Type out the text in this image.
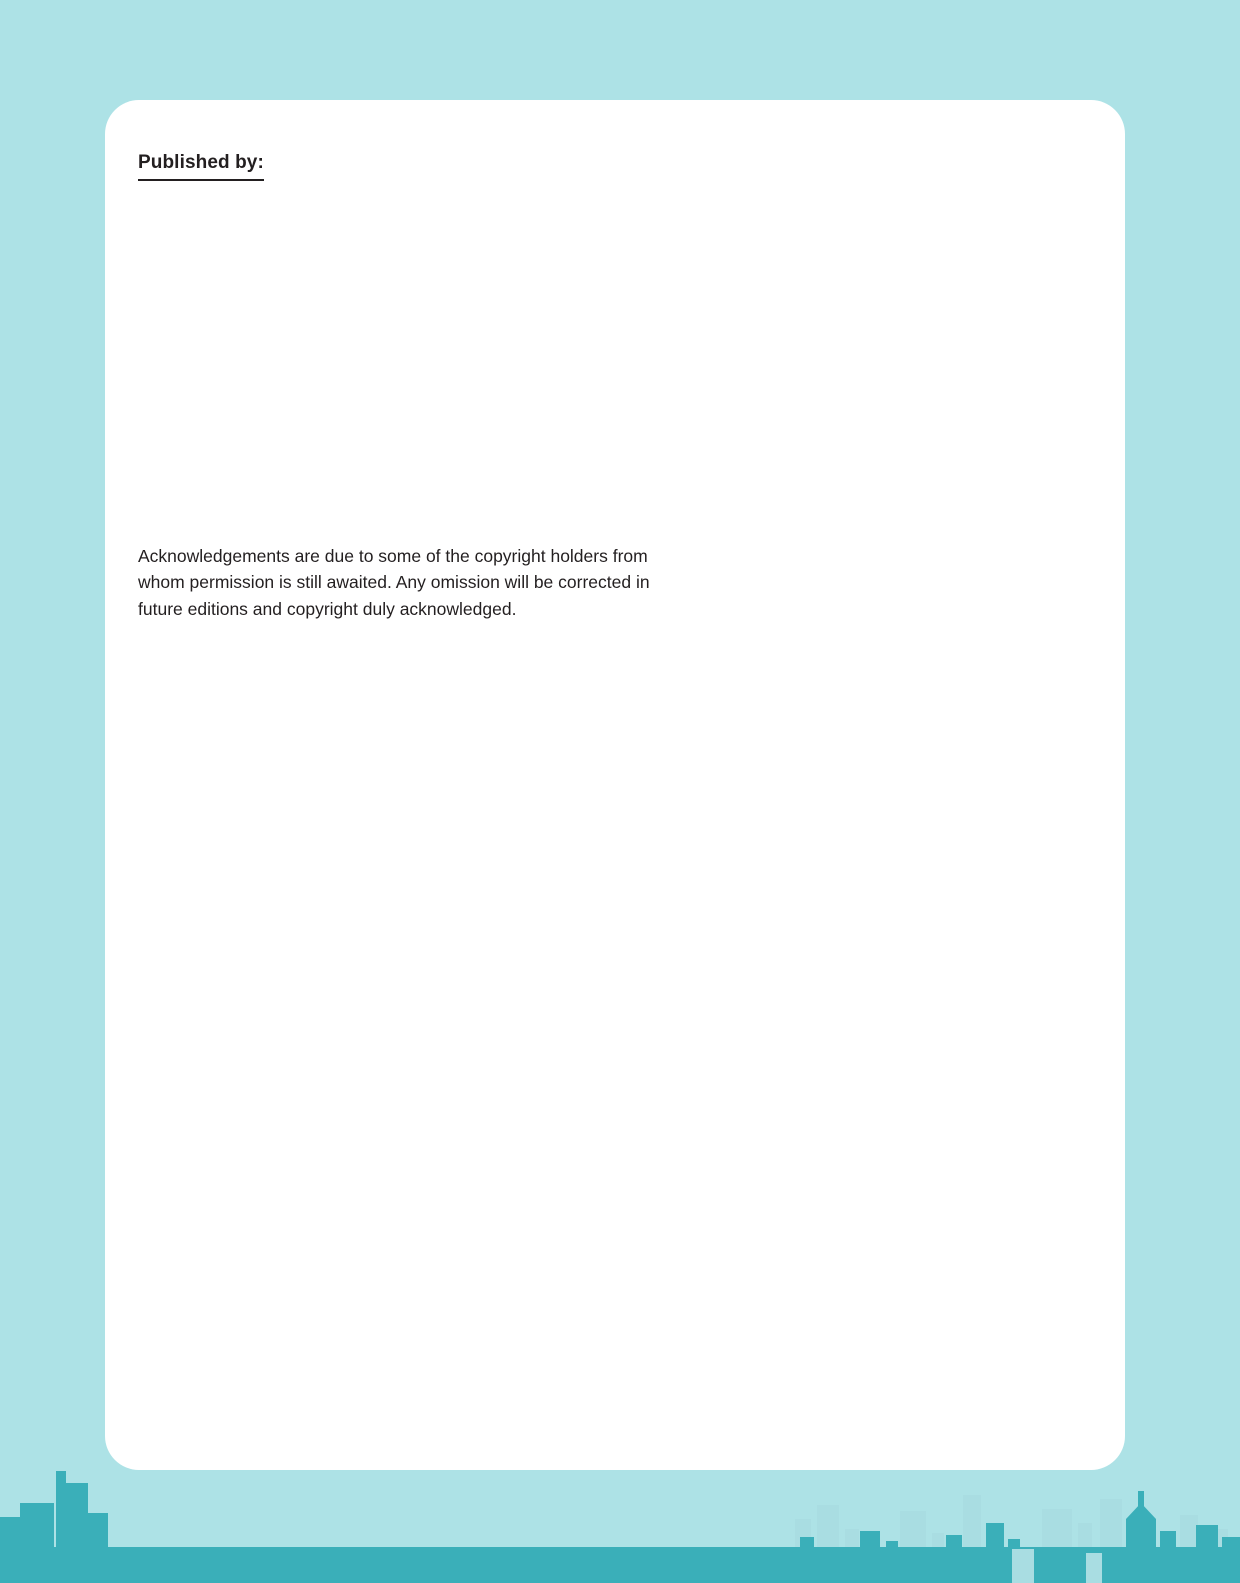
Published by:

Acknowledgements are due to some of the copyright holders from whom permission is still awaited. Any omission will be corrected in future editions and copyright duly acknowledged.
